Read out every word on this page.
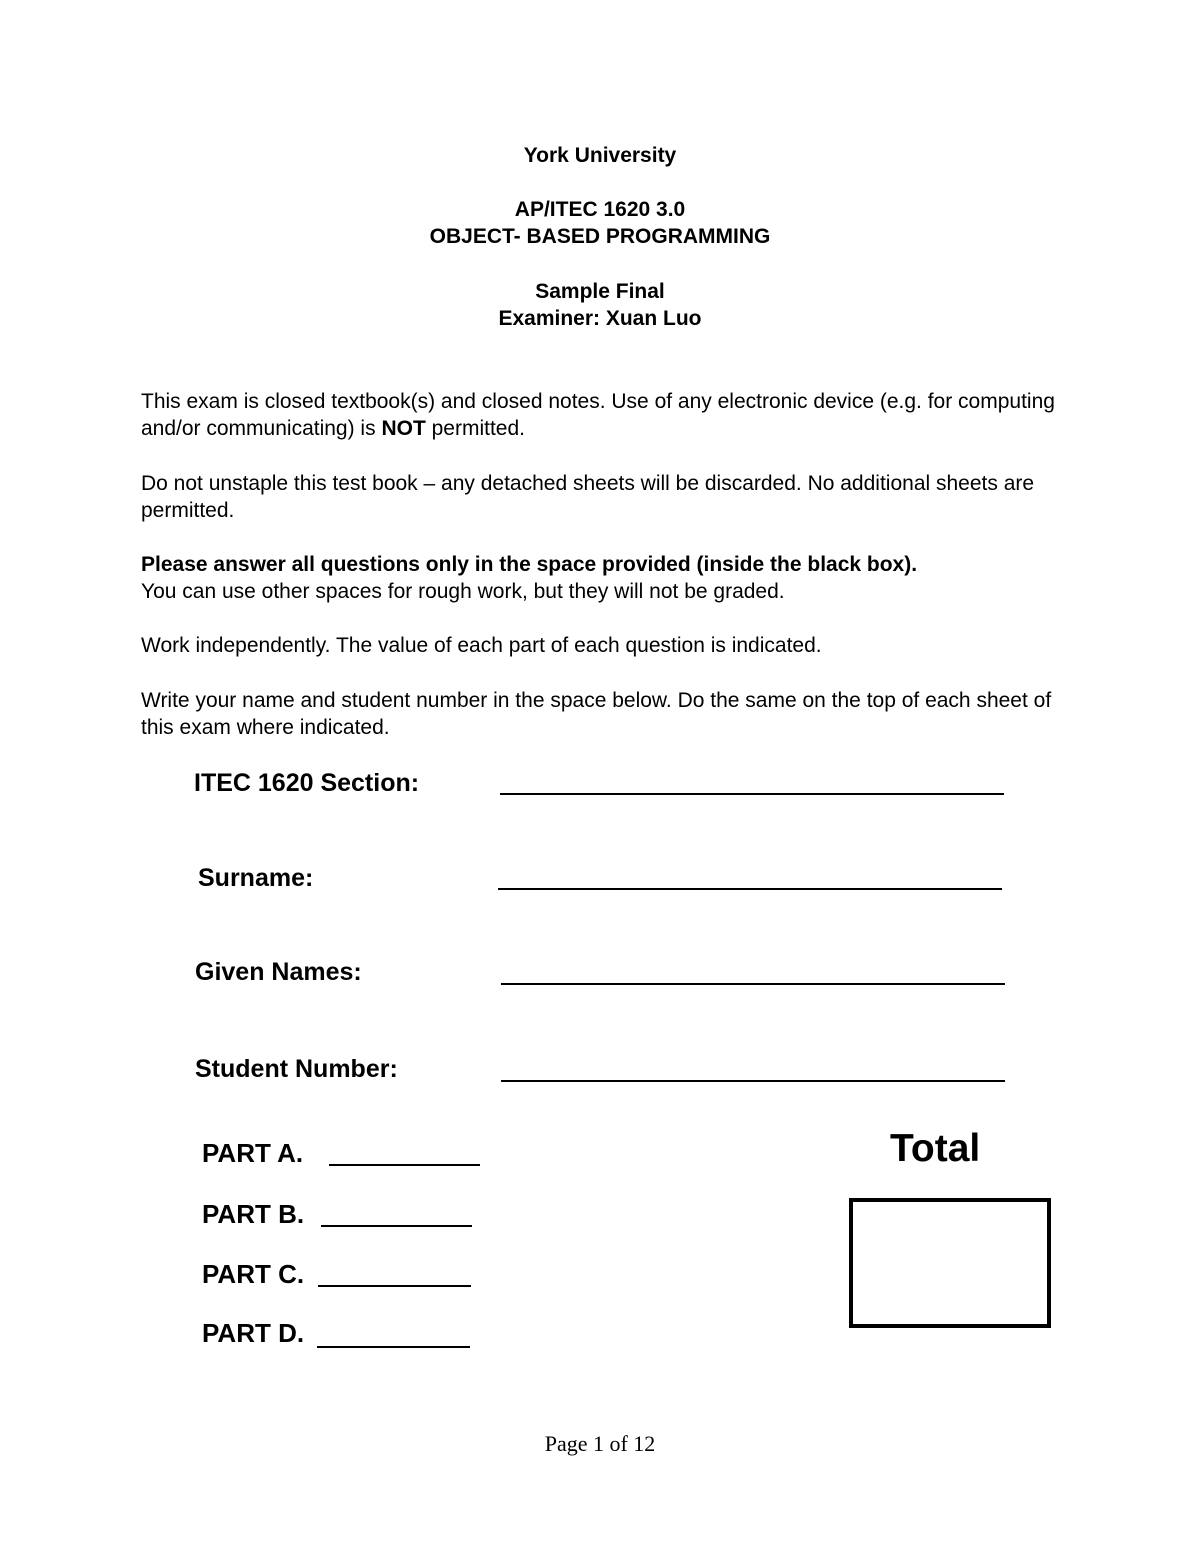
York University
AP/ITEC 1620 3.0
OBJECT- BASED PROGRAMMING
Sample Final
Examiner: Xuan Luo
This exam is closed textbook(s) and closed notes. Use of any electronic device (e.g. for computing and/or communicating) is NOT permitted.
Do not unstaple this test book – any detached sheets will be discarded. No additional sheets are permitted.
Please answer all questions only in the space provided (inside the black box).
You can use other spaces for rough work, but they will not be graded.
Work independently. The value of each part of each question is indicated.
Write your name and student number in the space below. Do the same on the top of each sheet of this exam where indicated.
ITEC 1620 Section:
Surname:
Given Names:
Student Number:
PART A.
PART B.
PART C.
PART D.
Total
Page 1 of 12
